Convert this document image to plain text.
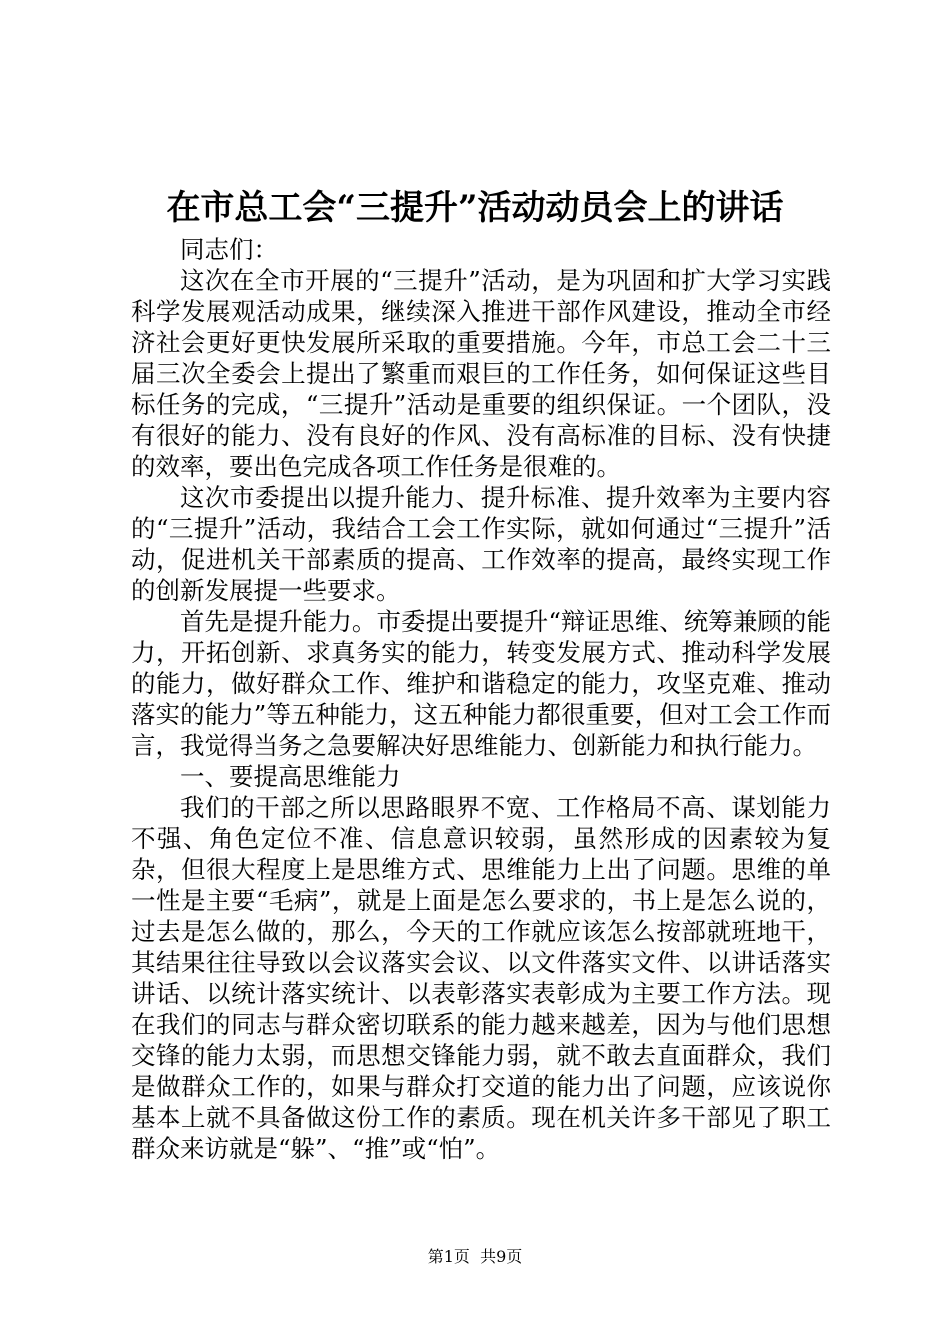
在市总工会“三提升”活动动员会上的讲话

同志们：

这次在全市开展的“三提升”活动，是为巩固和扩大学习实践科学发展观活动成果，继续深入推进干部作风建设，推动全市经济社会更好更快发展所采取的重要措施。今年，市总工会二十三届三次全委会上提出了繁重而艰巨的工作任务，如何保证这些目标任务的完成，“三提升”活动是重要的组织保证。一个团队，没有很好的能力、没有良好的作风、没有高标准的目标、没有快捷的效率，要出色完成各项工作任务是很难的。

这次市委提出以提升能力、提升标准、提升效率为主要内容的“三提升”活动，我结合工会工作实际，就如何通过“三提升”活动，促进机关干部素质的提高、工作效率的提高，最终实现工作的创新发展提一些要求。

首先是提升能力。市委提出要提升“辩证思维、统筹兼顾的能力，开拓创新、求真务实的能力，转变发展方式、推动科学发展的能力，做好群众工作、维护和谐稳定的能力，攻坚克难、推动落实的能力”等五种能力，这五种能力都很重要，但对工会工作而言，我觉得当务之急要解决好思维能力、创新能力和执行能力。

一、要提高思维能力

我们的干部之所以思路眼界不宽、工作格局不高、谋划能力不强、角色定位不准、信息意识较弱，虽然形成的因素较为复杂，但很大程度上是思维方式、思维能力上出了问题。思维的单一性是主要“毛病”，就是上面是怎么要求的，书上是怎么说的，过去是怎么做的，那么，今天的工作就应该怎么按部就班地干，其结果往往导致以会议落实会议、以文件落实文件、以讲话落实讲话、以统计落实统计、以表彰落实表彰成为主要工作方法。现在我们的同志与群众密切联系的能力越来越差，因为与他们思想交锋的能力太弱，而思想交锋能力弱，就不敢去直面群众，我们是做群众工作的，如果与群众打交道的能力出了问题，应该说你基本上就不具备做这份工作的素质。现在机关许多干部见了职工群众来访就是“躲”、“推”或“怕”。

第1页 共9页
